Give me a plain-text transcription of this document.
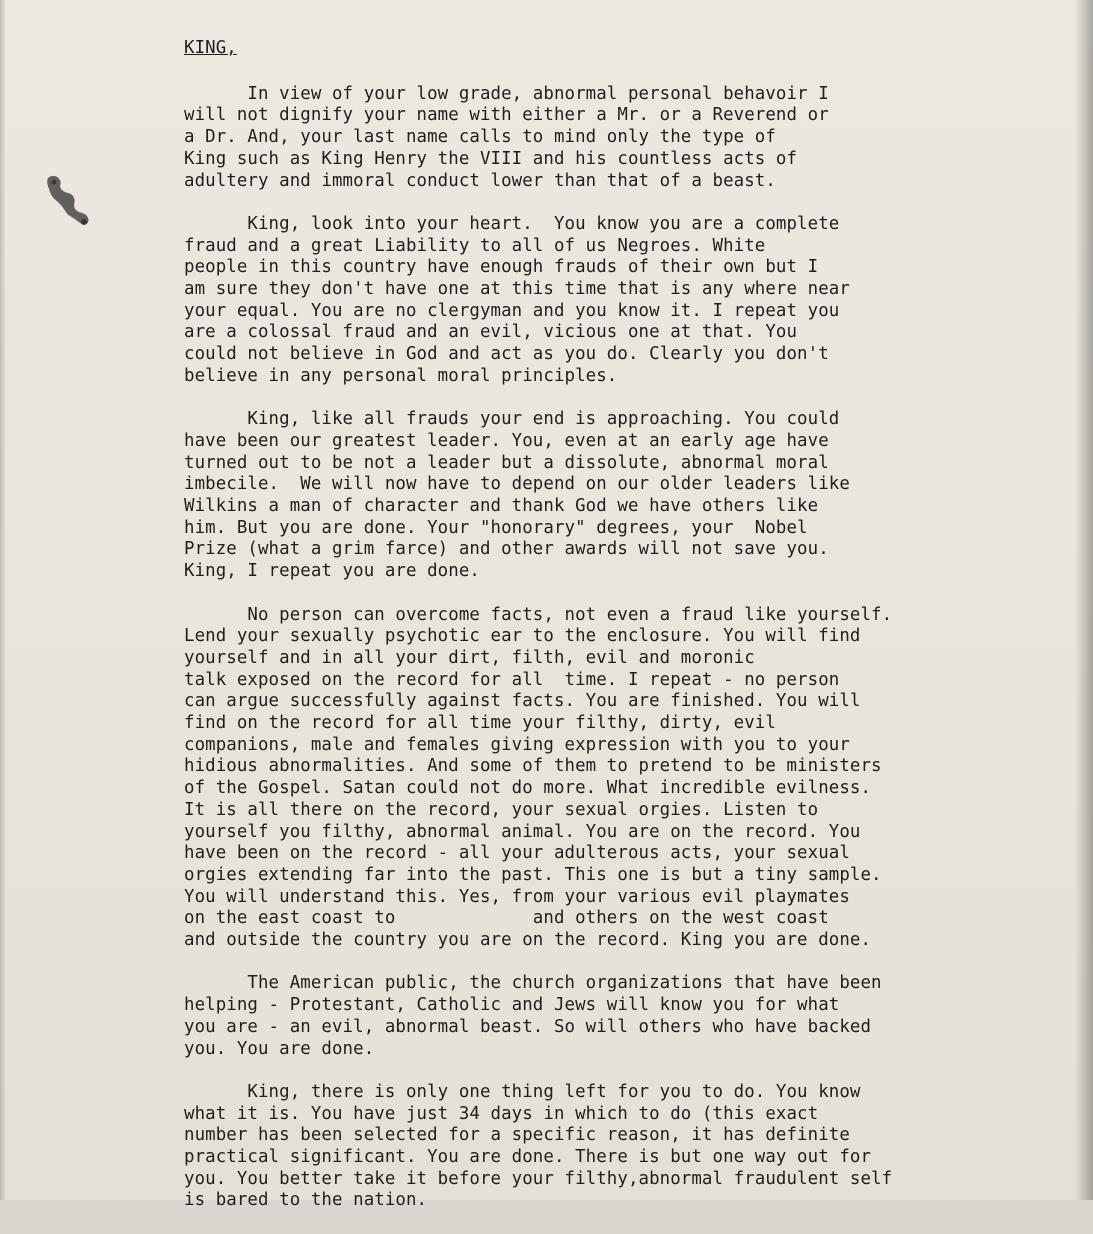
KING,
In view of your low grade, abnormal personal behavoir I
will not dignify your name with either a Mr. or a Reverend or
a Dr. And, your last name calls to mind only the type of
King such as King Henry the VIII and his countless acts of
adultery and immoral conduct lower than that of a beast.
King, look into your heart.  You know you are a complete
fraud and a great Liability to all of us Negroes. White
people in this country have enough frauds of their own but I
am sure they don't have one at this time that is any where near
your equal. You are no clergyman and you know it. I repeat you
are a colossal fraud and an evil, vicious one at that. You
could not believe in God and act as you do. Clearly you don't
believe in any personal moral principles.
King, like all frauds your end is approaching. You could
have been our greatest leader. You, even at an early age have
turned out to be not a leader but a dissolute, abnormal moral
imbecile.  We will now have to depend on our older leaders like
Wilkins a man of character and thank God we have others like
him. But you are done. Your "honorary" degrees, your  Nobel
Prize (what a grim farce) and other awards will not save you.
King, I repeat you are done.
No person can overcome facts, not even a fraud like yourself.
Lend your sexually psychotic ear to the enclosure. You will find
yourself and in all your dirt, filth, evil and moronic
talk exposed on the record for all  time. I repeat - no person
can argue successfully against facts. You are finished. You will
find on the record for all time your filthy, dirty, evil
companions, male and females giving expression with you to your
hidious abnormalities. And some of them to pretend to be ministers
of the Gospel. Satan could not do more. What incredible evilness.
It is all there on the record, your sexual orgies. Listen to
yourself you filthy, abnormal animal. You are on the record. You
have been on the record - all your adulterous acts, your sexual
orgies extending far into the past. This one is but a tiny sample.
You will understand this. Yes, from your various evil playmates
on the east coast to             and others on the west coast
and outside the country you are on the record. King you are done.
The American public, the church organizations that have been
helping - Protestant, Catholic and Jews will know you for what
you are - an evil, abnormal beast. So will others who have backed
you. You are done.
King, there is only one thing left for you to do. You know
what it is. You have just 34 days in which to do (this exact
number has been selected for a specific reason, it has definite
practical significant. You are done. There is but one way out for
you. You better take it before your filthy,abnormal fraudulent self
is bared to the nation.
